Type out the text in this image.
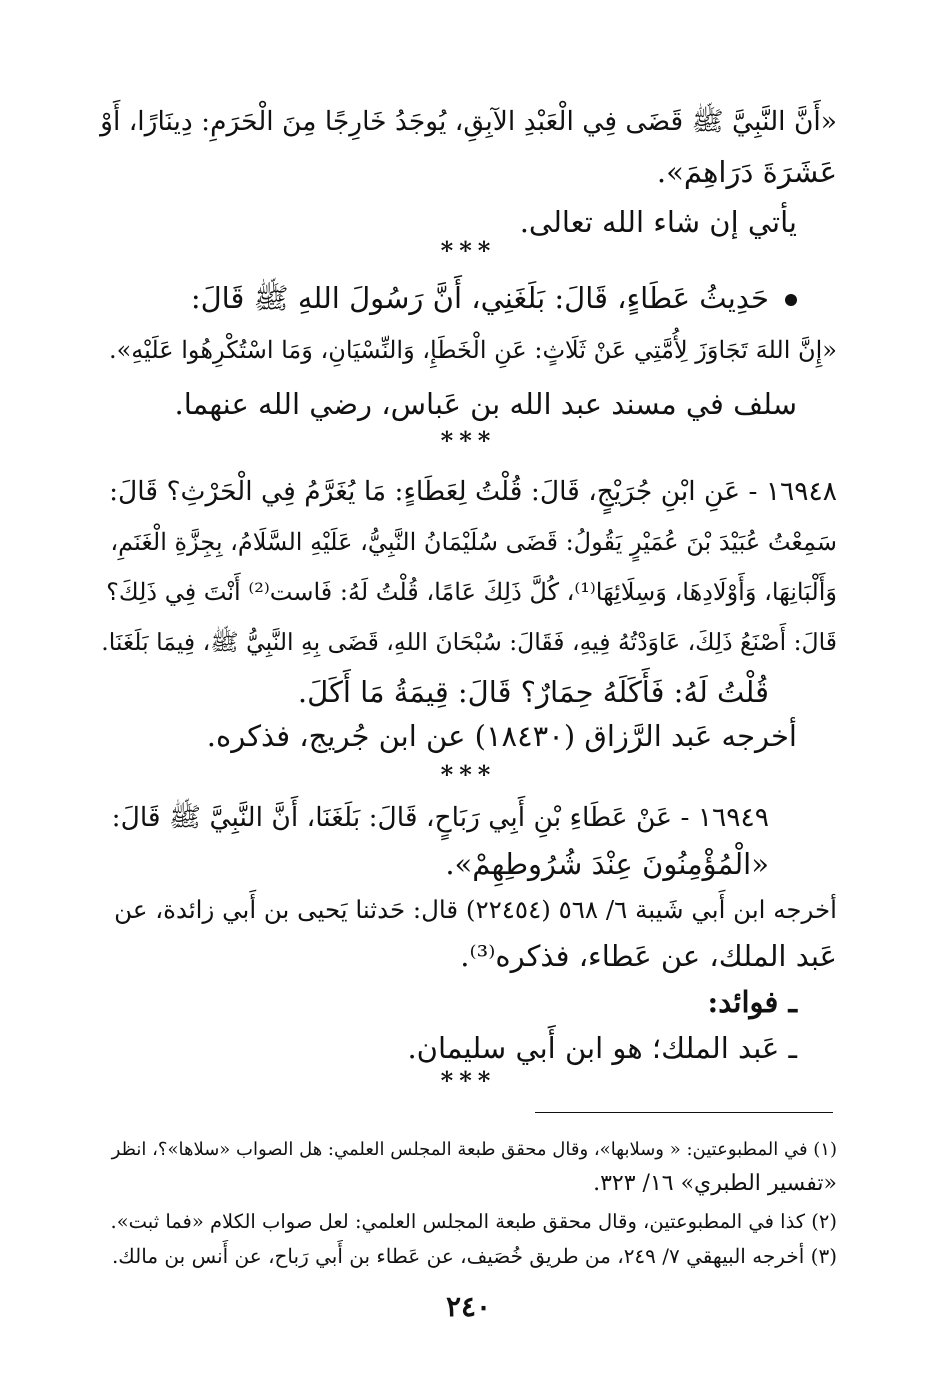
«أَنَّ النَّبِيَّ ﷺ قَضَى فِي الْعَبْدِ الآبِقِ، يُوجَدُ خَارِجًا مِنَ الْحَرَمِ: دِينَارًا، أَوْ
عَشَرَةَ دَرَاهِمَ».
يأتي إن شاء الله تعالى.
***
حَدِيثُ عَطَاءٍ، قَالَ: بَلَغَنِي، أَنَّ رَسُولَ اللهِ ﷺ قَالَ:
«إِنَّ اللهَ تَجَاوَزَ لِأُمَّتِي عَنْ ثَلَاثٍ: عَنِ الْخَطَإِ، وَالنِّسْيَانِ، وَمَا اسْتُكْرِهُوا عَلَيْهِ».
سلف في مسند عبد الله بن عَباس، رضي الله عنهما.
***
١٦٩٤٨ - عَنِ ابْنِ جُرَيْجٍ، قَالَ: قُلْتُ لِعَطَاءٍ: مَا يُغَرَّمُ فِي الْحَرْثِ؟ قَالَ:
سَمِعْتُ عُبَيْدَ بْنَ عُمَيْرٍ يَقُولُ: قَضَى سُلَيْمَانُ النَّبِيُّ، عَلَيْهِ السَّلَامُ، بِجِزَّةِ الْغَنَمِ،
وَأَلْبَانِهَا، وَأَوْلَادِهَا، وَسِلَائِهَا⁽¹⁾، كُلَّ ذَلِكَ عَامًا، قُلْتُ لَهُ: فَاست⁽²⁾ أَنْتَ فِي ذَلِكَ؟
قَالَ: أَصْنَعُ ذَلِكَ، عَاوَدْتُهُ فِيهِ، فَقَالَ: سُبْحَانَ اللهِ، قَضَى بِهِ النَّبِيُّ ﷺ، فِيمَا بَلَغَنَا.
قُلْتُ لَهُ: فَأَكَلَهُ حِمَارٌ؟ قَالَ: قِيمَةُ مَا أَكَلَ.
أخرجه عَبد الرَّزاق (١٨٤٣٠) عن ابن جُريج، فذكره.
***
١٦٩٤٩ - عَنْ عَطَاءِ بْنِ أَبِي رَبَاحٍ، قَالَ: بَلَغَنَا، أَنَّ النَّبِيَّ ﷺ قَالَ:
«الْمُؤْمِنُونَ عِنْدَ شُرُوطِهِمْ».
أخرجه ابن أَبي شَيبة ٦/ ٥٦٨ (٢٢٤٥٤) قال: حَدثنا يَحيى بن أَبي زائدة، عن
عَبد الملك، عن عَطاء، فذكره⁽³⁾.
ـ فوائد:
ـ عَبد الملك؛ هو ابن أَبي سليمان.
***
(١) في المطبوعتين: « وسلابها»، وقال محقق طبعة المجلس العلمي: هل الصواب «سلاها»؟، انظر
«تفسير الطبري» ١٦/ ٣٢٣.
(٢) كذا في المطبوعتين، وقال محقق طبعة المجلس العلمي: لعل صواب الكلام «فما ثبت».
(٣) أخرجه البيهقي ٧/ ٢٤٩، من طريق خُصَيف، عن عَطاء بن أَبي رَباح، عن أَنس بن مالك.
٢٤٠
